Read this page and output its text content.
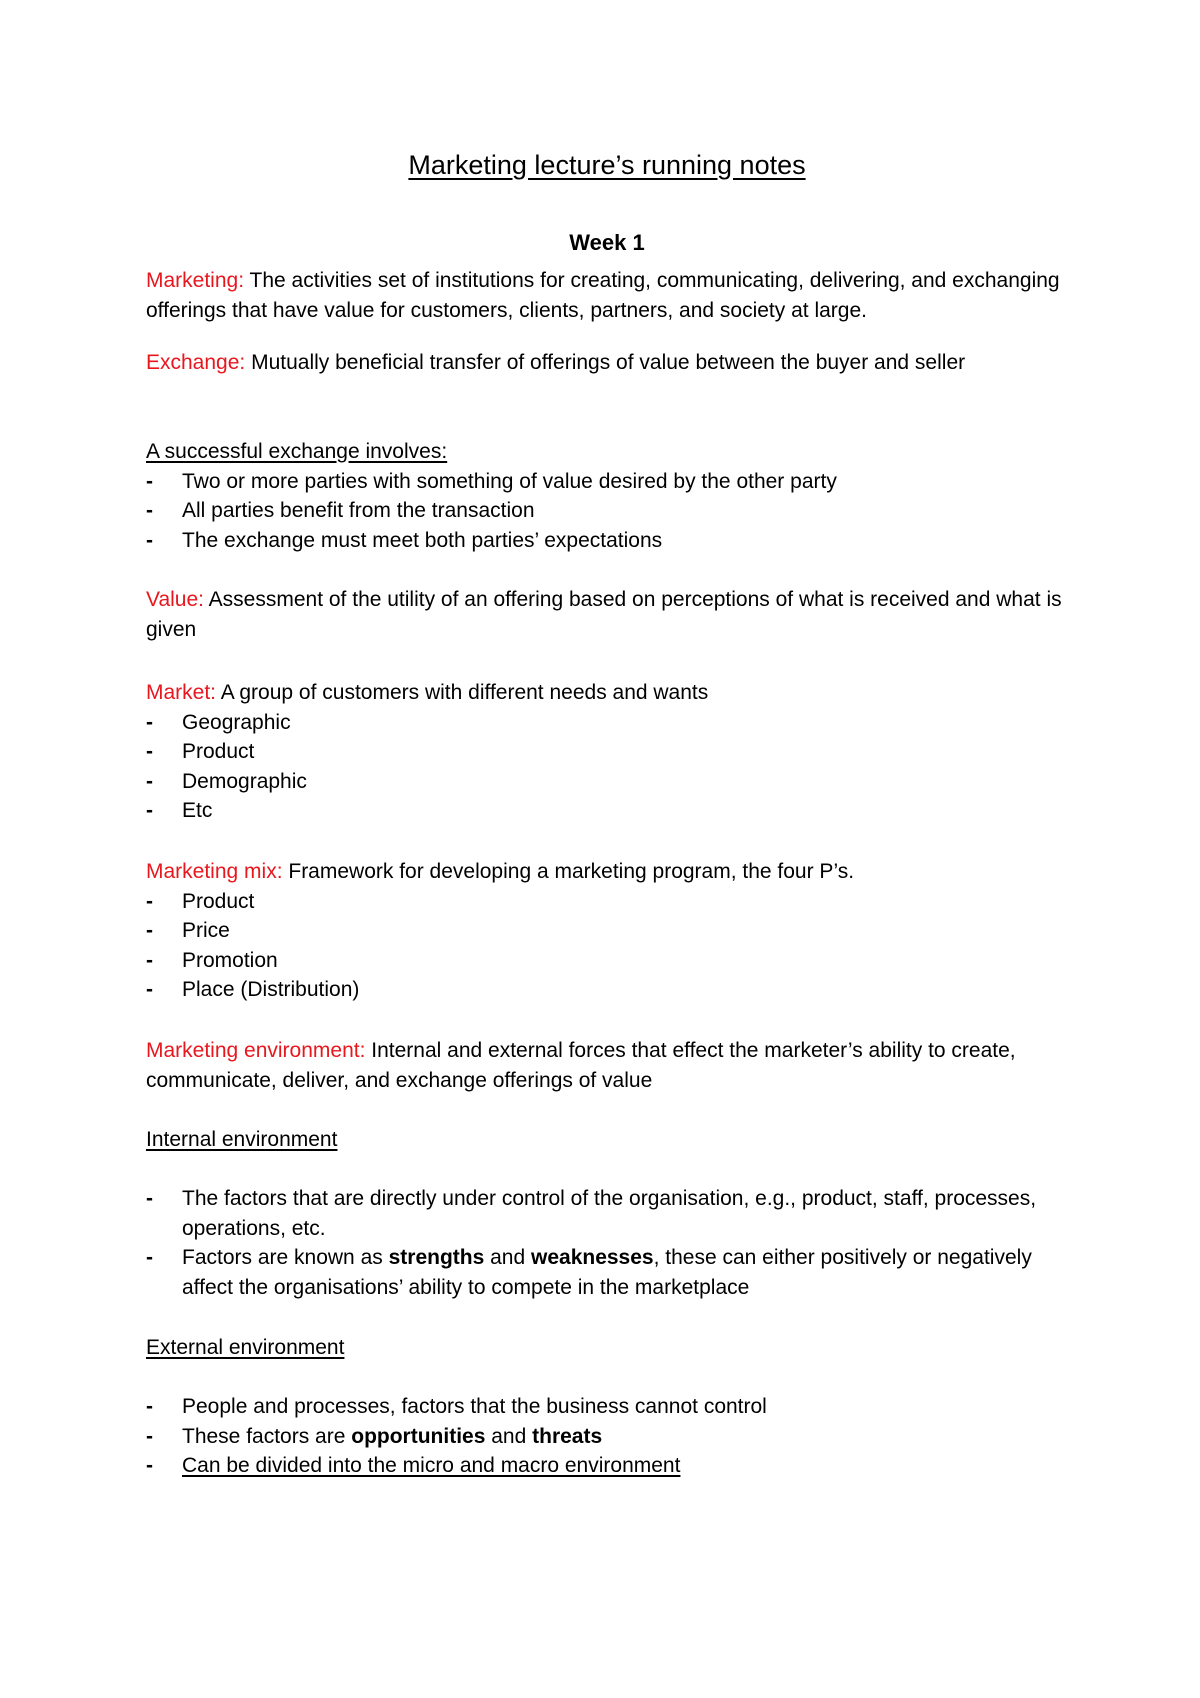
Marketing lecture’s running notes
Week 1
Marketing: The activities set of institutions for creating, communicating, delivering, and exchanging offerings that have value for customers, clients, partners, and society at large.
Exchange: Mutually beneficial transfer of offerings of value between the buyer and seller
A successful exchange involves:
- Two or more parties with something of value desired by the other party
- All parties benefit from the transaction
- The exchange must meet both parties’ expectations
Value: Assessment of the utility of an offering based on perceptions of what is received and what is given
Market: A group of customers with different needs and wants
- Geographic
- Product
- Demographic
- Etc
Marketing mix: Framework for developing a marketing program, the four P’s.
- Product
- Price
- Promotion
- Place (Distribution)
Marketing environment: Internal and external forces that effect the marketer’s ability to create, communicate, deliver, and exchange offerings of value
Internal environment
- The factors that are directly under control of the organisation, e.g., product, staff, processes, operations, etc.
- Factors are known as strengths and weaknesses, these can either positively or negatively affect the organisations’ ability to compete in the marketplace
External environment
- People and processes, factors that the business cannot control
- These factors are opportunities and threats
- Can be divided into the micro and macro environment
